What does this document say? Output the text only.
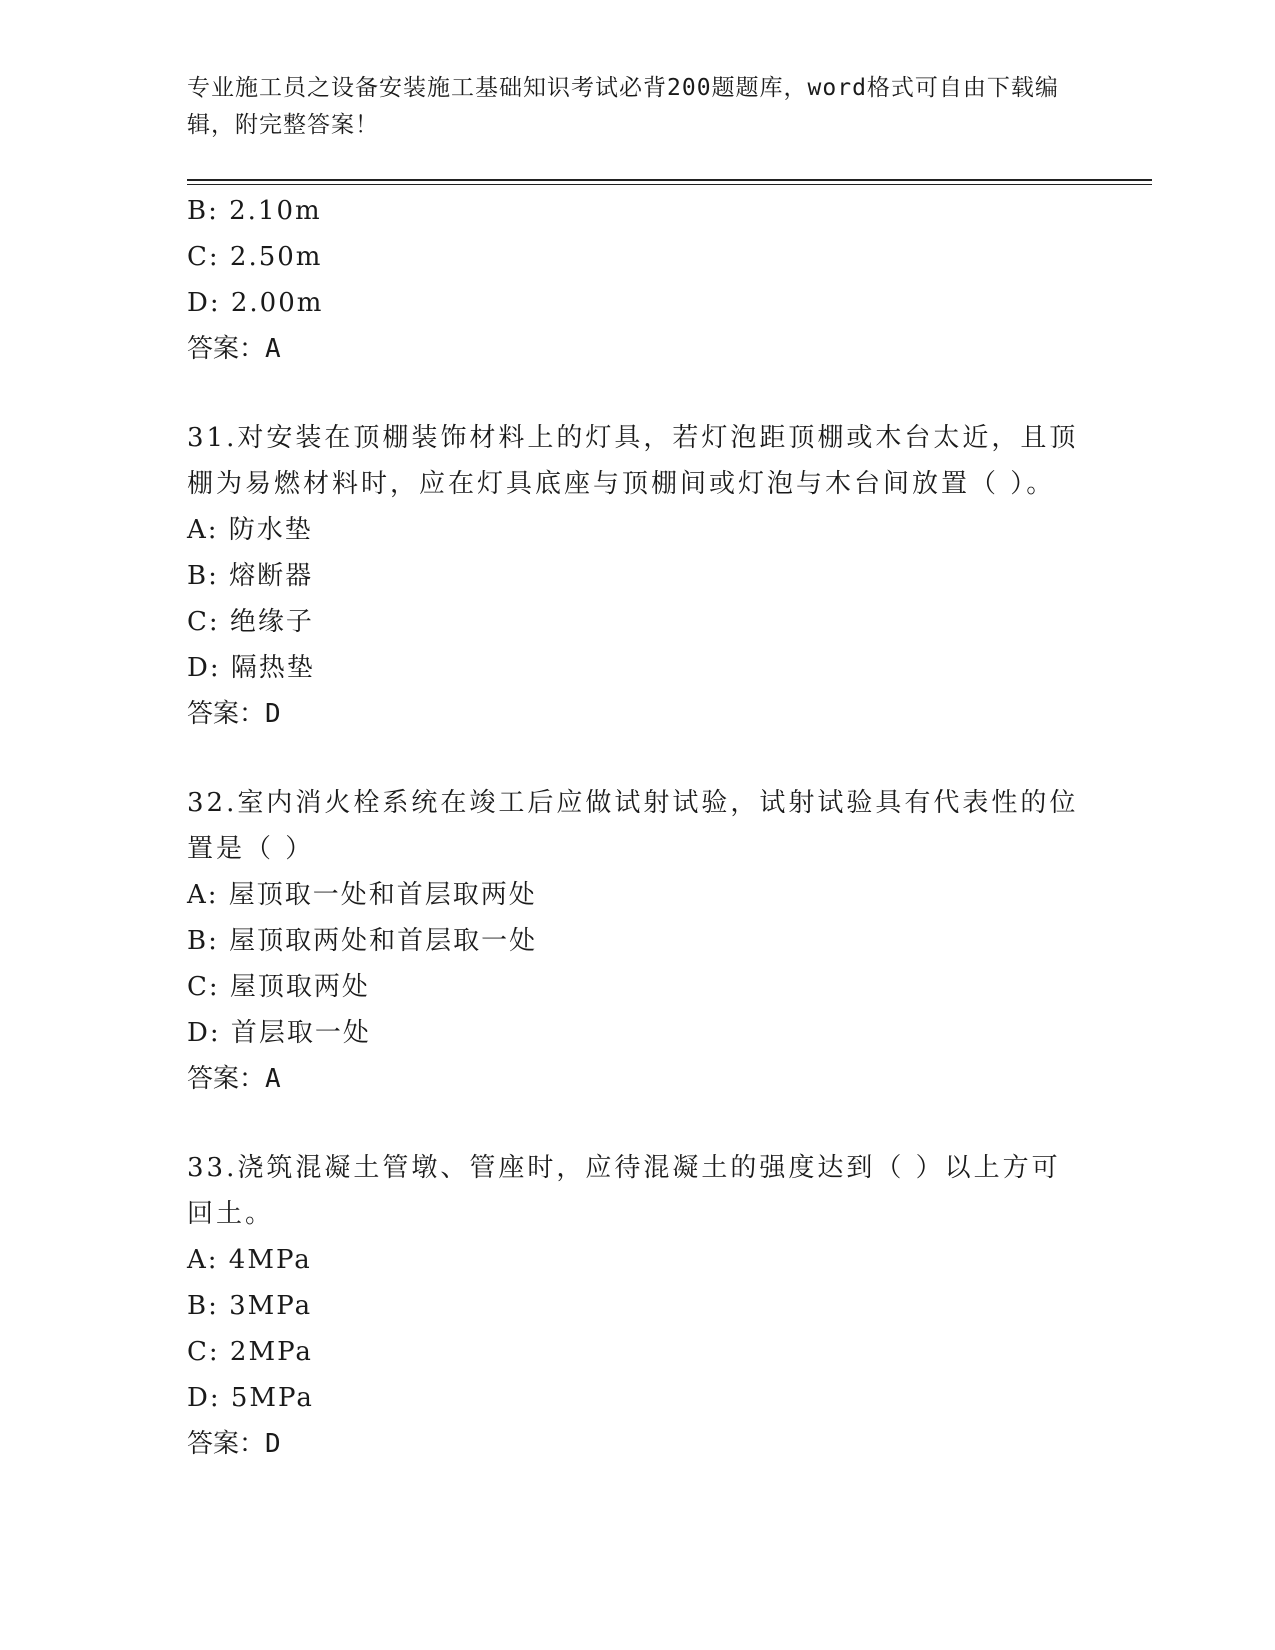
专业施工员之设备安装施工基础知识考试必背200题题库，word格式可自由下载编辑，附完整答案！
B: 2.10m
C: 2.50m
D: 2.00m
答案：A
31.对安装在顶棚装饰材料上的灯具，若灯泡距顶棚或木台太近，且顶棚为易燃材料时，应在灯具底座与顶棚间或灯泡与木台间放置（ ）。
A: 防水垫
B: 熔断器
C: 绝缘子
D: 隔热垫
答案：D
32.室内消火栓系统在竣工后应做试射试验，试射试验具有代表性的位置是（ ）
A: 屋顶取一处和首层取两处
B: 屋顶取两处和首层取一处
C: 屋顶取两处
D: 首层取一处
答案：A
33.浇筑混凝土管墩、管座时，应待混凝土的强度达到（ ）以上方可回土。
A: 4MPa
B: 3MPa
C: 2MPa
D: 5MPa
答案：D
